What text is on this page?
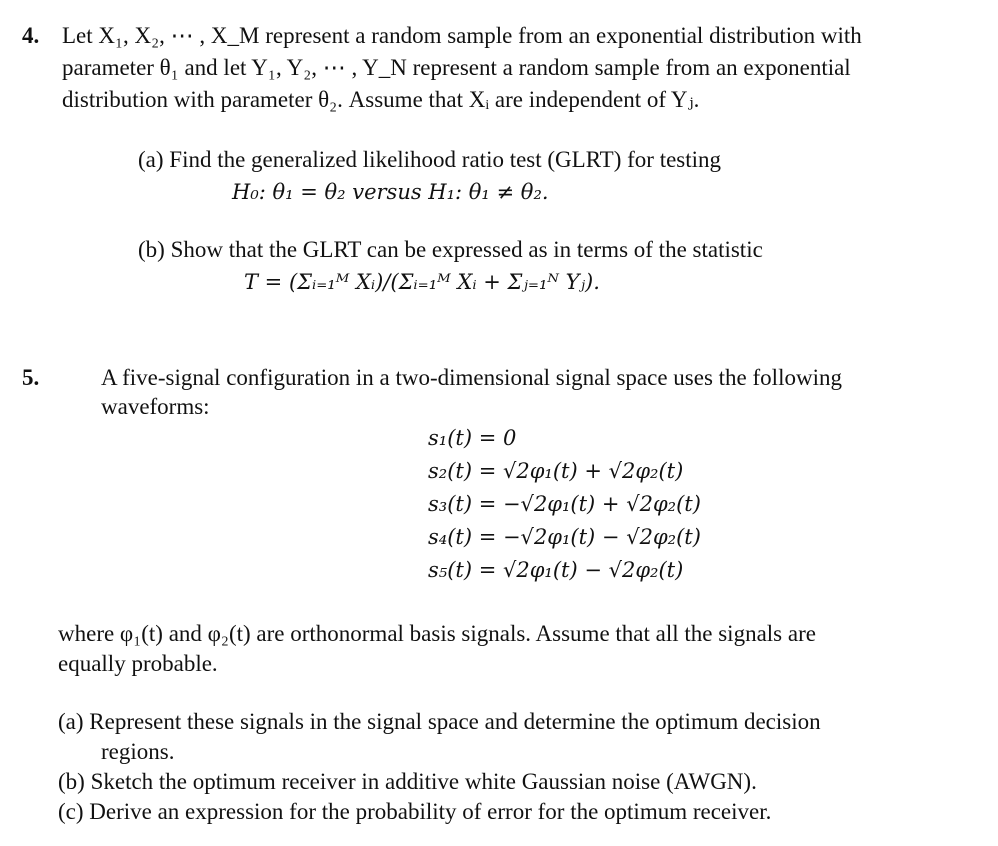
4. Let X₁, X₂, ⋯ , X_M represent a random sample from an exponential distribution with
parameter θ₁ and let Y₁, Y₂, ⋯ , Y_N represent a random sample from an exponential
distribution with parameter θ₂. Assume that Xᵢ are independent of Yⱼ.
(a) Find the generalized likelihood ratio test (GLRT) for testing
H₀: θ₁ = θ₂ versus H₁: θ₁ ≠ θ₂.
(b) Show that the GLRT can be expressed as in terms of the statistic
T = (Σᵢ₌₁ᴹ Xᵢ)/(Σᵢ₌₁ᴹ Xᵢ + Σⱼ₌₁ᴺ Yⱼ).
5.	A five-signal configuration in a two-dimensional signal space uses the following
waveforms:
s₁(t) = 0
s₂(t) = √2φ₁(t) + √2φ₂(t)
s₃(t) = −√2φ₁(t) + √2φ₂(t)
s₄(t) = −√2φ₁(t) − √2φ₂(t)
s₅(t) = √2φ₁(t) − √2φ₂(t)
where φ₁(t) and φ₂(t) are orthonormal basis signals. Assume that all the signals are
equally probable.
(a) Represent these signals in the signal space and determine the optimum decision
regions.
(b) Sketch the optimum receiver in additive white Gaussian noise (AWGN).
(c) Derive an expression for the probability of error for the optimum receiver.
